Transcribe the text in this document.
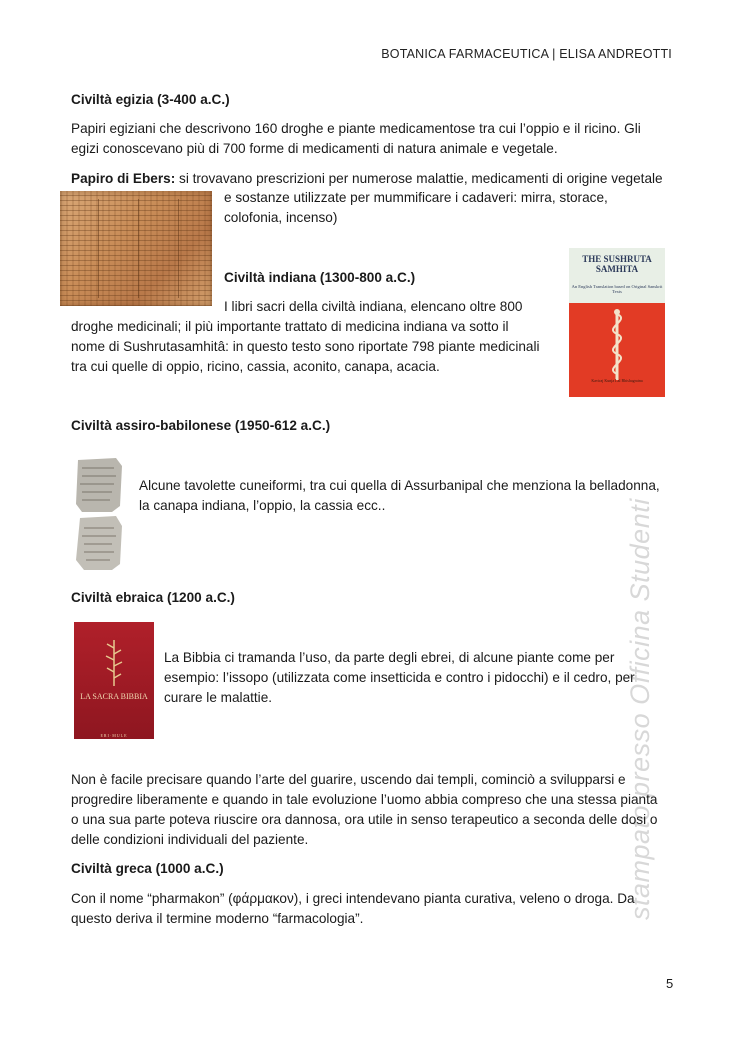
BOTANICA FARMACEUTICA | ELISA ANDREOTTI
stampato presso Officina Studenti
Civiltà egizia (3-400 a.C.)

Papiri egiziani che descrivono 160 droghe e piante medicamentose tra cui l’oppio e il ricino. Gli

egizi conoscevano più di 700 forme di medicamenti di natura animale e vegetale.

Papiro di Ebers: si trovavano prescrizioni per numerose malattie, medicamenti di origine vegetale

e sostanze utilizzate per mummificare i cadaveri: mirra, storace,

colofonia, incenso)

Civiltà indiana (1300-800 a.C.)

I libri sacri della civiltà indiana, elencano oltre 800

droghe medicinali; il più importante trattato di medicina indiana va sotto il

nome di Sushrutasamhitâ: in questo testo sono riportate 798 piante medicinali

tra cui quelle di oppio, ricino, cassia, aconito, canapa, acacia.

THE SUSHRUTA SAMHITA
An English Translation based on Original Sanskrit Texts
Kaviraj Kunja Lal Bhishagratna
Civiltà assiro-babilonese (1950-612 a.C.)

Alcune tavolette cuneiformi, tra cui quella di Assurbanipal che menziona la belladonna,

la canapa indiana, l’oppio, la cassia ecc..

Civiltà ebraica (1200 a.C.)
LA SACRA BIBBIA
ERI·MULE

La Bibbia ci tramanda l’uso, da parte degli ebrei, di alcune piante come per

esempio: l’issopo (utilizzata come insetticida e contro i pidocchi) e il cedro, per

curare le malattie.

Non è facile precisare quando l’arte del guarire, uscendo dai templi, cominciò a svilupparsi e

progredire liberamente e quando in tale evoluzione l’uomo abbia compreso che una stessa pianta

o una sua parte poteva riuscire ora dannosa, ora utile in senso terapeutico a seconda delle dosi o

delle condizioni individuali del paziente.

Civiltà greca (1000 a.C.)

Con il nome “pharmakon” (φάρμακον), i greci intendevano pianta curativa, veleno o droga. Da

questo deriva il termine moderno “farmacologia”.

5
